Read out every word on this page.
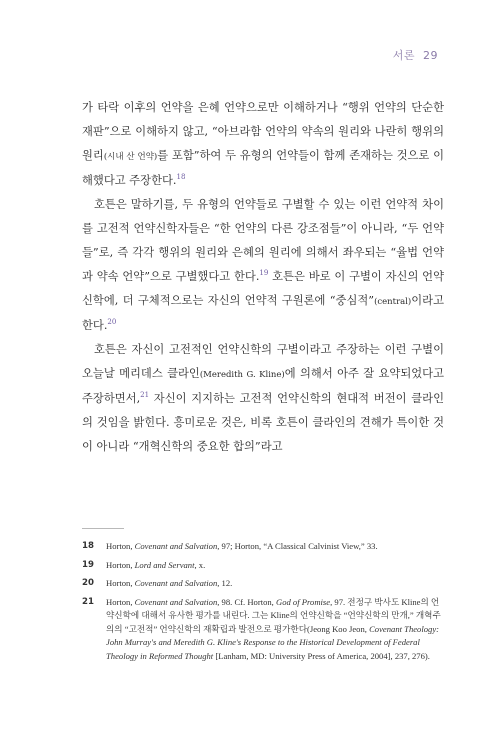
서론 29

가 타락 이후의 언약을 은혜 언약으로만 이해하거나 “행위 언약의 단순한 재판”으로 이해하지 않고, “아브라함 언약의 약속의 원리와 나란히 행위의 원리(시내 산 언약)를 포함”하여 두 유형의 언약들이 함께 존재하는 것으로 이해했다고 주장한다.$^{18}$

호튼은 말하기를, 두 유형의 언약들로 구별할 수 있는 이런 언약적 차이를 고전적 언약신학자들은 “한 언약의 다른 강조점들”이 아니라, “두 언약들”로, 즉 각각 행위의 원리와 은혜의 원리에 의해서 좌우되는 “율법 언약과 약속 언약”으로 구별했다고 한다.$^{19}$ 호튼은 바로 이 구별이 자신의 언약신학에, 더 구체적으로는 자신의 언약적 구원론에 “중심적”(central)이라고 한다.$^{20}$

호튼은 자신이 고전적인 언약신학의 구별이라고 주장하는 이런 구별이 오늘날 메리데스 클라인(Meredith G. Kline)에 의해서 아주 잘 요약되었다고 주장하면서,$^{21}$ 자신이 지지하는 고전적 언약신학의 현대적 버전이 클라인의 것임을 밝힌다. 흥미로운 것은, 비록 호튼이 클라인의 견해가 특이한 것이 아니라 “개혁신학의 중요한 합의”라고

18 Horton, Covenant and Salvation, 97; Horton, “A Classical Calvinist View,” 33.
19 Horton, Lord and Servant, x.
20 Horton, Covenant and Salvation, 12.
21 Horton, Covenant and Salvation, 98. Cf. Horton, God of Promise, 97. 전정구 박사도 Kline의 언약신학에 대해서 유사한 평가를 내린다. 그는 Kline의 언약신학을 “언약신학의 만개,” 개혁주의의 “고전적” 언약신학의 재확립과 발전으로 평가한다(Jeong Koo Jeon, Covenant Theology: John Murray's and Meredith G. Kline's Response to the Historical Development of Federal Theology in Reformed Thought [Lanham, MD: University Press of America, 2004], 237, 276).
